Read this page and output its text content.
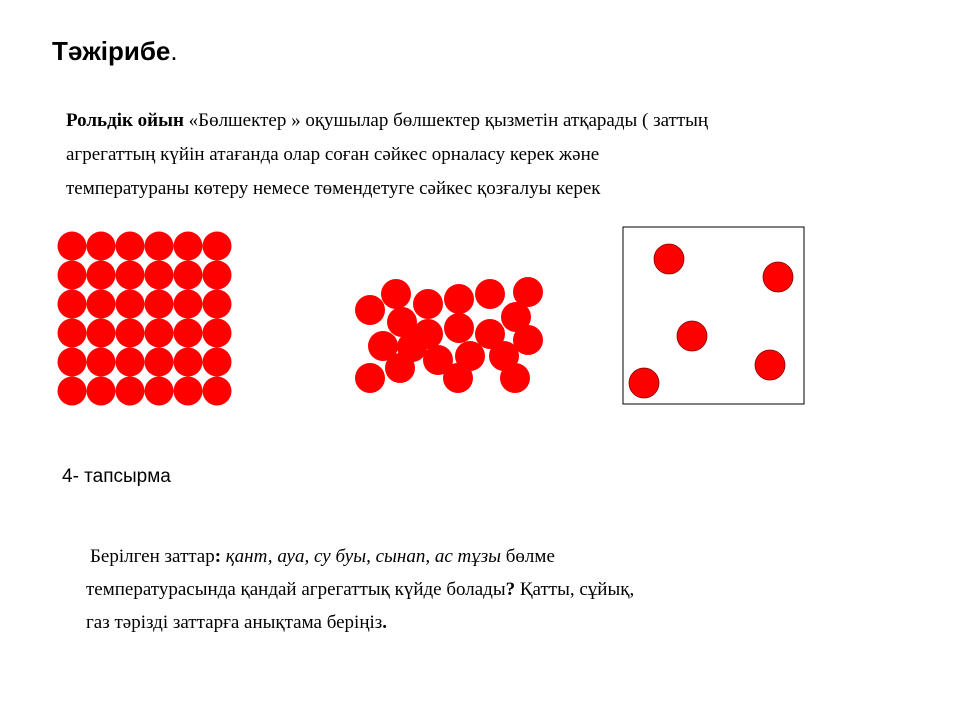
Тәжірибе.
Рольдік ойын «Бөлшектер » оқушылар бөлшектер қызметін атқарады ( заттың
агрегаттың күйін атағанда олар соған сәйкес орналасу керек және
температураны көтеру немесе төмендетуге сәйкес қозғалуы керек
4- тапсырма
Берілген заттар: қант, ауа, су буы, сынап, ас тұзы бөлме
температурасында қандай агрегаттық күйде болады? Қатты, сұйық,
газ тәрізді заттарға анықтама беріңіз.
